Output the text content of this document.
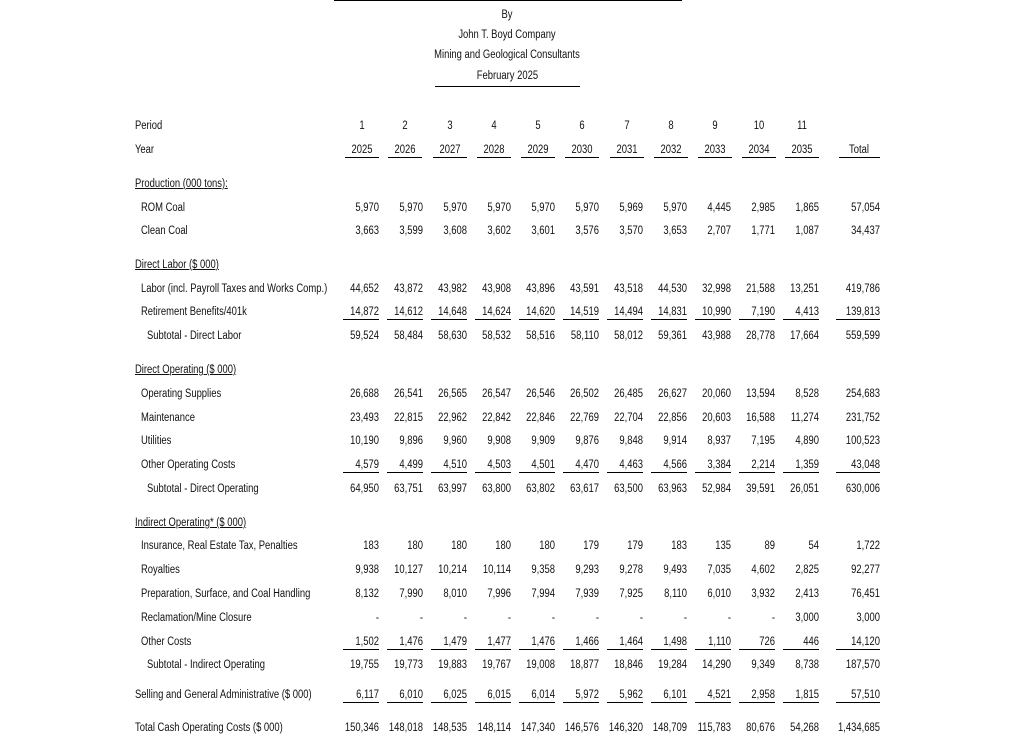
By
John T. Boyd Company
Mining and Geological Consultants
February 2025
Period	1	2	3	4	5	6	7	8	9	10	11
Year	2025	2026	2027	2028	2029	2030	2031	2032	2033	2034	2035	Total
Production (000 tons):
ROM Coal	5,970	5,970	5,970	5,970	5,970	5,970	5,969	5,970	4,445	2,985	1,865	57,054
Clean Coal	3,663	3,599	3,608	3,602	3,601	3,576	3,570	3,653	2,707	1,771	1,087	34,437
Direct Labor ($ 000)
Labor (incl. Payroll Taxes and Works Comp.)	44,652	43,872	43,982	43,908	43,896	43,591	43,518	44,530	32,998	21,588	13,251	419,786
Retirement Benefits/401k	14,872	14,612	14,648	14,624	14,620	14,519	14,494	14,831	10,990	7,190	4,413	139,813
Subtotal - Direct Labor	59,524	58,484	58,630	58,532	58,516	58,110	58,012	59,361	43,988	28,778	17,664	559,599
Direct Operating ($ 000)
Operating Supplies	26,688	26,541	26,565	26,547	26,546	26,502	26,485	26,627	20,060	13,594	8,528	254,683
Maintenance	23,493	22,815	22,962	22,842	22,846	22,769	22,704	22,856	20,603	16,588	11,274	231,752
Utilities	10,190	9,896	9,960	9,908	9,909	9,876	9,848	9,914	8,937	7,195	4,890	100,523
Other Operating Costs	4,579	4,499	4,510	4,503	4,501	4,470	4,463	4,566	3,384	2,214	1,359	43,048
Subtotal - Direct Operating	64,950	63,751	63,997	63,800	63,802	63,617	63,500	63,963	52,984	39,591	26,051	630,006
Indirect Operating* ($ 000)
Insurance, Real Estate Tax, Penalties	183	180	180	180	180	179	179	183	135	89	54	1,722
Royalties	9,938	10,127	10,214	10,114	9,358	9,293	9,278	9,493	7,035	4,602	2,825	92,277
Preparation, Surface, and Coal Handling	8,132	7,990	8,010	7,996	7,994	7,939	7,925	8,110	6,010	3,932	2,413	76,451
Reclamation/Mine Closure	-	-	-	-	-	-	-	-	-	-	3,000	3,000
Other Costs	1,502	1,476	1,479	1,477	1,476	1,466	1,464	1,498	1,110	726	446	14,120
Subtotal - Indirect Operating	19,755	19,773	19,883	19,767	19,008	18,877	18,846	19,284	14,290	9,349	8,738	187,570
Selling and General Administrative ($ 000)	6,117	6,010	6,025	6,015	6,014	5,972	5,962	6,101	4,521	2,958	1,815	57,510
Total Cash Operating Costs ($ 000)	150,346 148,018 148,535 148,114 147,340 146,576 146,320 148,709 115,783	80,676	54,268	1,434,685
